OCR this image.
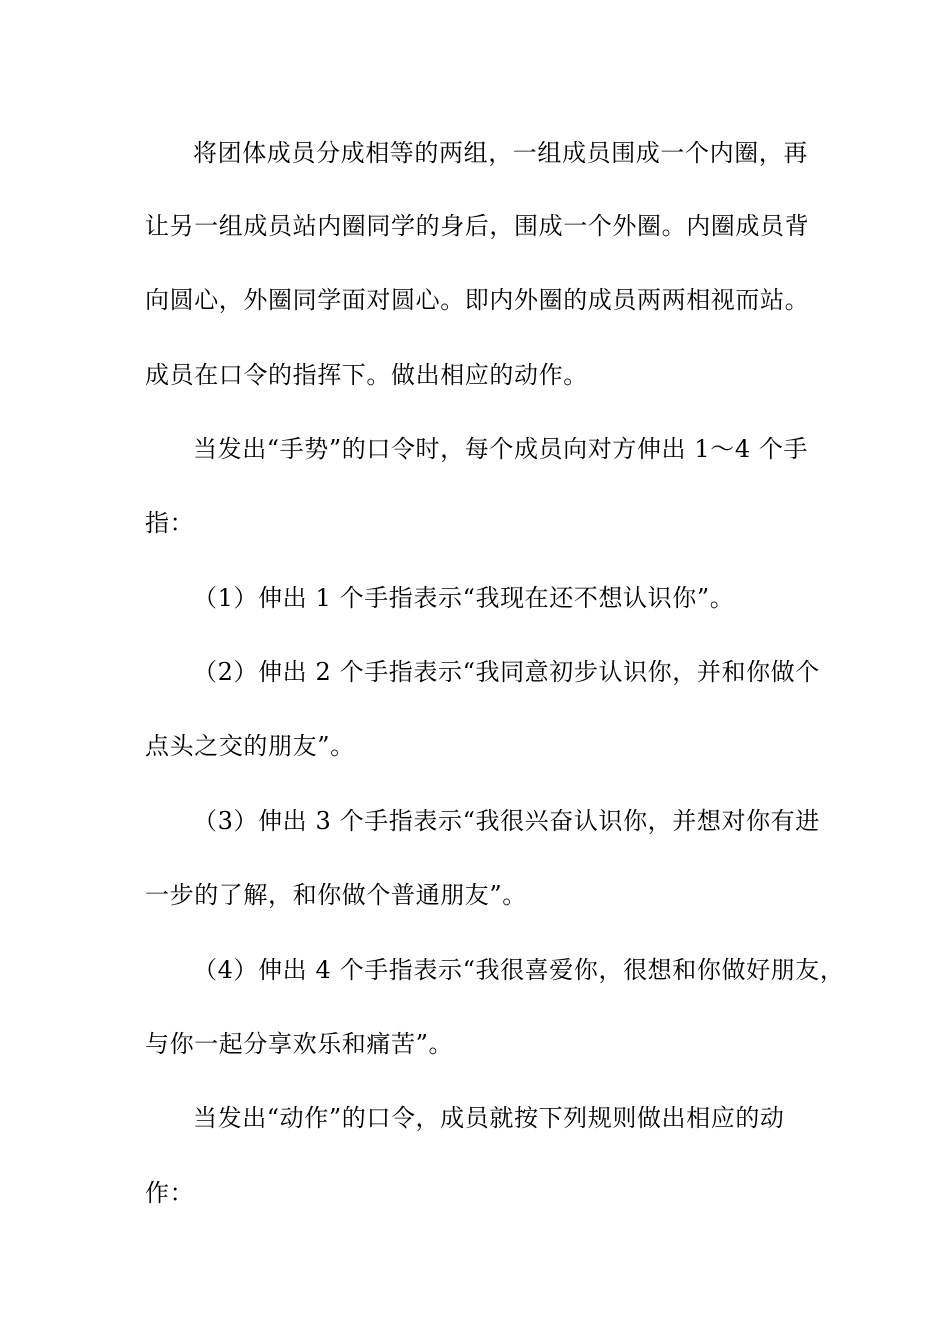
将团体成员分成相等的两组，一组成员围成一个内圈，再
让另一组成员站内圈同学的身后，围成一个外圈。内圈成员背
向圆心，外圈同学面对圆心。即内外圈的成员两两相视而站。
成员在口令的指挥下。做出相应的动作。
当发出“手势”的口令时，每个成员向对方伸出 1～4 个手
指：
（1）伸出 1 个手指表示“我现在还不想认识你”。
（2）伸出 2 个手指表示“我同意初步认识你，并和你做个
点头之交的朋友”。
（3）伸出 3 个手指表示“我很兴奋认识你，并想对你有进
一步的了解，和你做个普通朋友”。
（4）伸出 4 个手指表示“我很喜爱你，很想和你做好朋友，
与你一起分享欢乐和痛苦”。
当发出“动作”的口令，成员就按下列规则做出相应的动
作：
